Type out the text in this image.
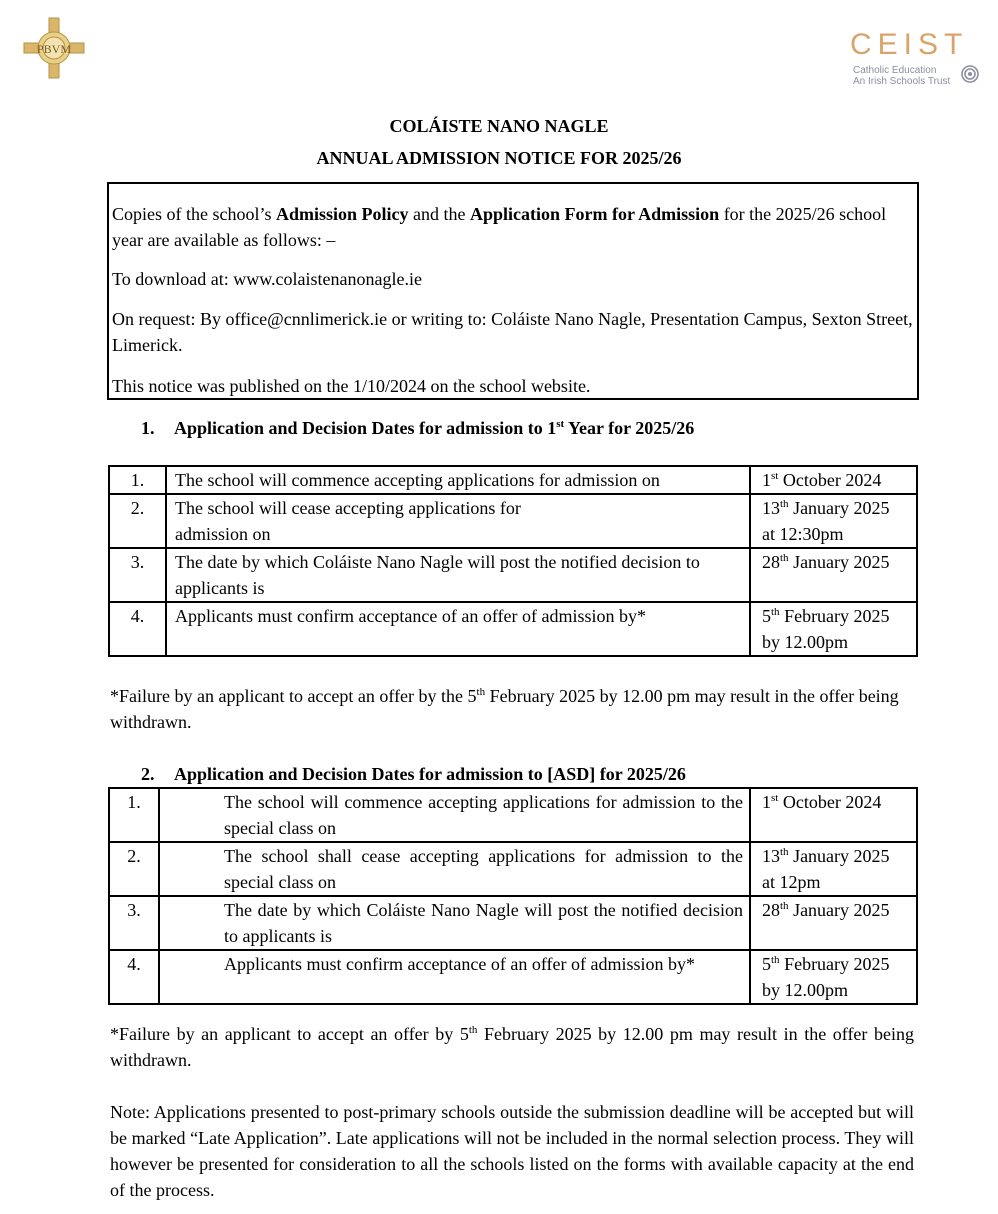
PBVM	CEIST
Catholic Education
An Irish Schools Trust
COLÁISTE NANO NAGLE
ANNUAL ADMISSION NOTICE FOR 2025/26

Copies of the school’s Admission Policy and the Application Form for Admission for the 2025/26 school year are available as follows: –

To download at: www.colaistenanonagle.ie

On request: By office@cnnlimerick.ie or writing to: Coláiste Nano Nagle, Presentation Campus, Sexton Street, Limerick.

This notice was published on the 1/10/2024 on the school website.

1. Application and Decision Dates for admission to 1st Year for 2025/26
1.	The school will commence accepting applications for admission on	1st October 2024
2.	The school will cease accepting applications for admission on	13th January 2025
at 12:30pm
3.	The date by which Coláiste Nano Nagle will post the notified decision to applicants is	28th January 2025
4.	Applicants must confirm acceptance of an offer of admission by*	5th February 2025
by 12.00pm
*Failure by an applicant to accept an offer by the 5th February 2025 by 12.00 pm may result in the offer being withdrawn.
2. Application and Decision Dates for admission to [ASD] for 2025/26
1.	The school will commence accepting applications for admission to the special class on	1st October 2024
2.	The school shall cease accepting applications for admission to the special class on	13th January 2025
at 12pm
3.	The date by which Coláiste Nano Nagle will post the notified decision to applicants is	28th January 2025
4.	Applicants must confirm acceptance of an offer of admission by*	5th February 2025
by 12.00pm
*Failure by an applicant to accept an offer by 5th February 2025 by 12.00 pm may result in the offer being withdrawn.
Note: Applications presented to post-primary schools outside the submission deadline will be accepted but will be marked “Late Application”. Late applications will not be included in the normal selection process. They will however be presented for consideration to all the schools listed on the forms with available capacity at the end of the process.
